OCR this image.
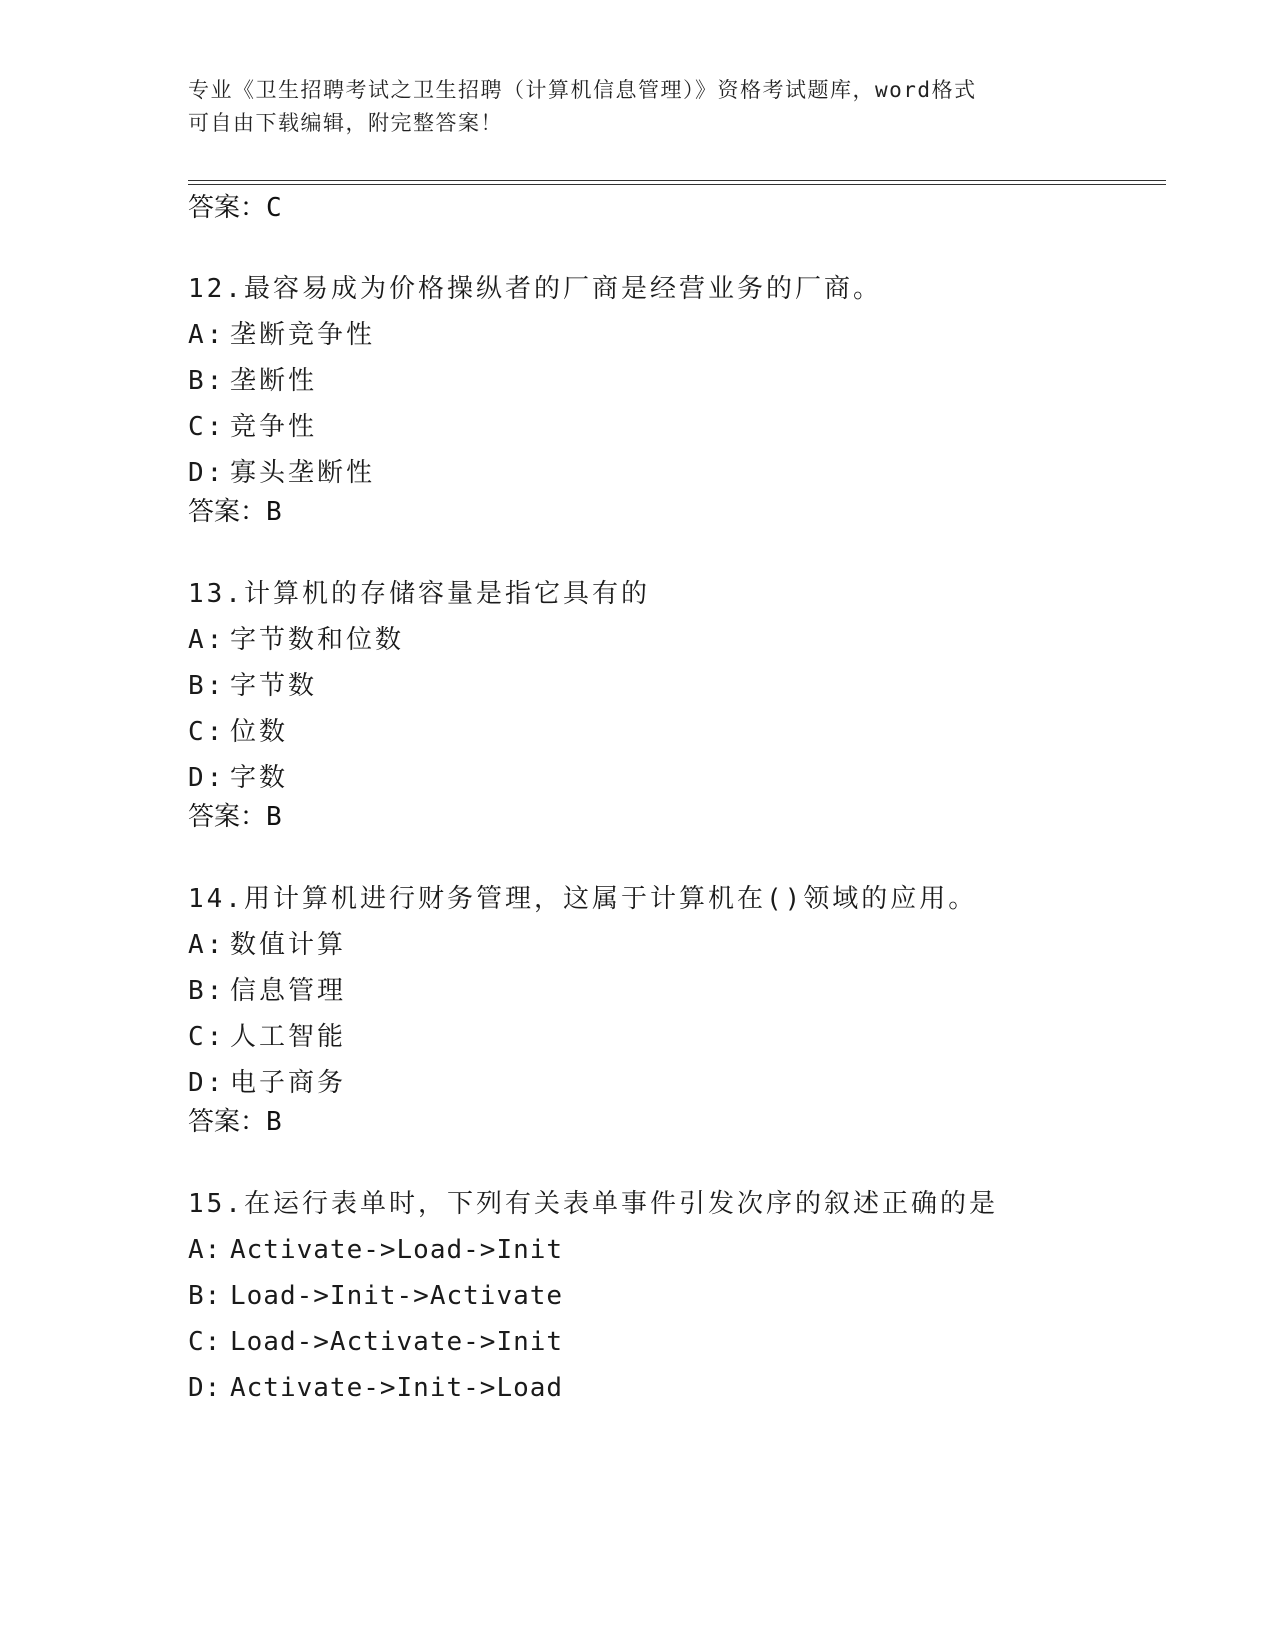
专业《卫生招聘考试之卫生招聘（计算机信息管理）》资格考试题库，word格式
可自由下载编辑，附完整答案！
答案：C
12.最容易成为价格操纵者的厂商是经营业务的厂商。
A: 垄断竞争性
B: 垄断性
C: 竞争性
D: 寡头垄断性
答案：B
13.计算机的存储容量是指它具有的
A: 字节数和位数
B: 字节数
C: 位数
D: 字数
答案：B
14.用计算机进行财务管理，这属于计算机在()领域的应用。
A: 数值计算
B: 信息管理
C: 人工智能
D: 电子商务
答案：B
15.在运行表单时，下列有关表单事件引发次序的叙述正确的是
A: Activate->Load->Init
B: Load->Init->Activate
C: Load->Activate->Init
D: Activate->Init->Load
